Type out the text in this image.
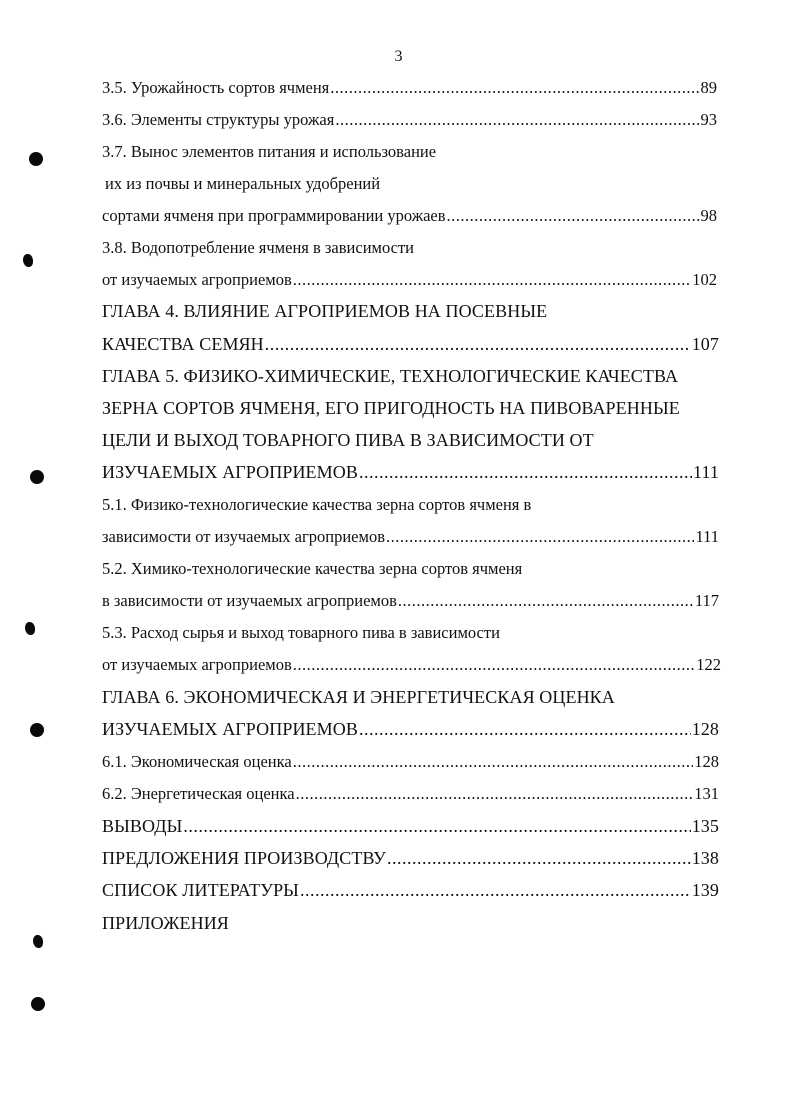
3
3.5. Урожайность сортов ячменя .....	89
3.6. Элементы структуры урожая .....	93
3.7. Вынос элементов питания и использование
их из почвы и минеральных удобрений
сортами ячменя при программировании урожаев .....	98
3.8. Водопотребление ячменя в зависимости
от изучаемых агроприемов .....	102
ГЛАВА 4. ВЛИЯНИЕ АГРОПРИЕМОВ НА ПОСЕВНЫЕ
КАЧЕСТВА СЕМЯН .....	107
ГЛАВА 5. ФИЗИКО-ХИМИЧЕСКИЕ, ТЕХНОЛОГИЧЕСКИЕ КАЧЕСТВА
ЗЕРНА СОРТОВ ЯЧМЕНЯ, ЕГО ПРИГОДНОСТЬ НА ПИВОВАРЕННЫЕ
ЦЕЛИ И ВЫХОД ТОВАРНОГО ПИВА В ЗАВИСИМОСТИ ОТ
ИЗУЧАЕМЫХ АГРОПРИЕМОВ .....	111
5.1. Физико-технологические качества зерна сортов ячменя в
зависимости от изучаемых агроприемов .....	111
5.2. Химико-технологические качества зерна сортов ячменя
в зависимости от изучаемых агроприемов .....	117
5.3. Расход сырья и выход товарного пива в зависимости
от изучаемых агроприемов .....	122
ГЛАВА 6. ЭКОНОМИЧЕСКАЯ И ЭНЕРГЕТИЧЕСКАЯ ОЦЕНКА
ИЗУЧАЕМЫХ АГРОПРИЕМОВ .....	128
6.1. Экономическая оценка .....	128
6.2. Энергетическая оценка .....	131
ВЫВОДЫ .....	135
ПРЕДЛОЖЕНИЯ ПРОИЗВОДСТВУ .....	138
СПИСОК ЛИТЕРАТУРЫ .....	139
ПРИЛОЖЕНИЯ
